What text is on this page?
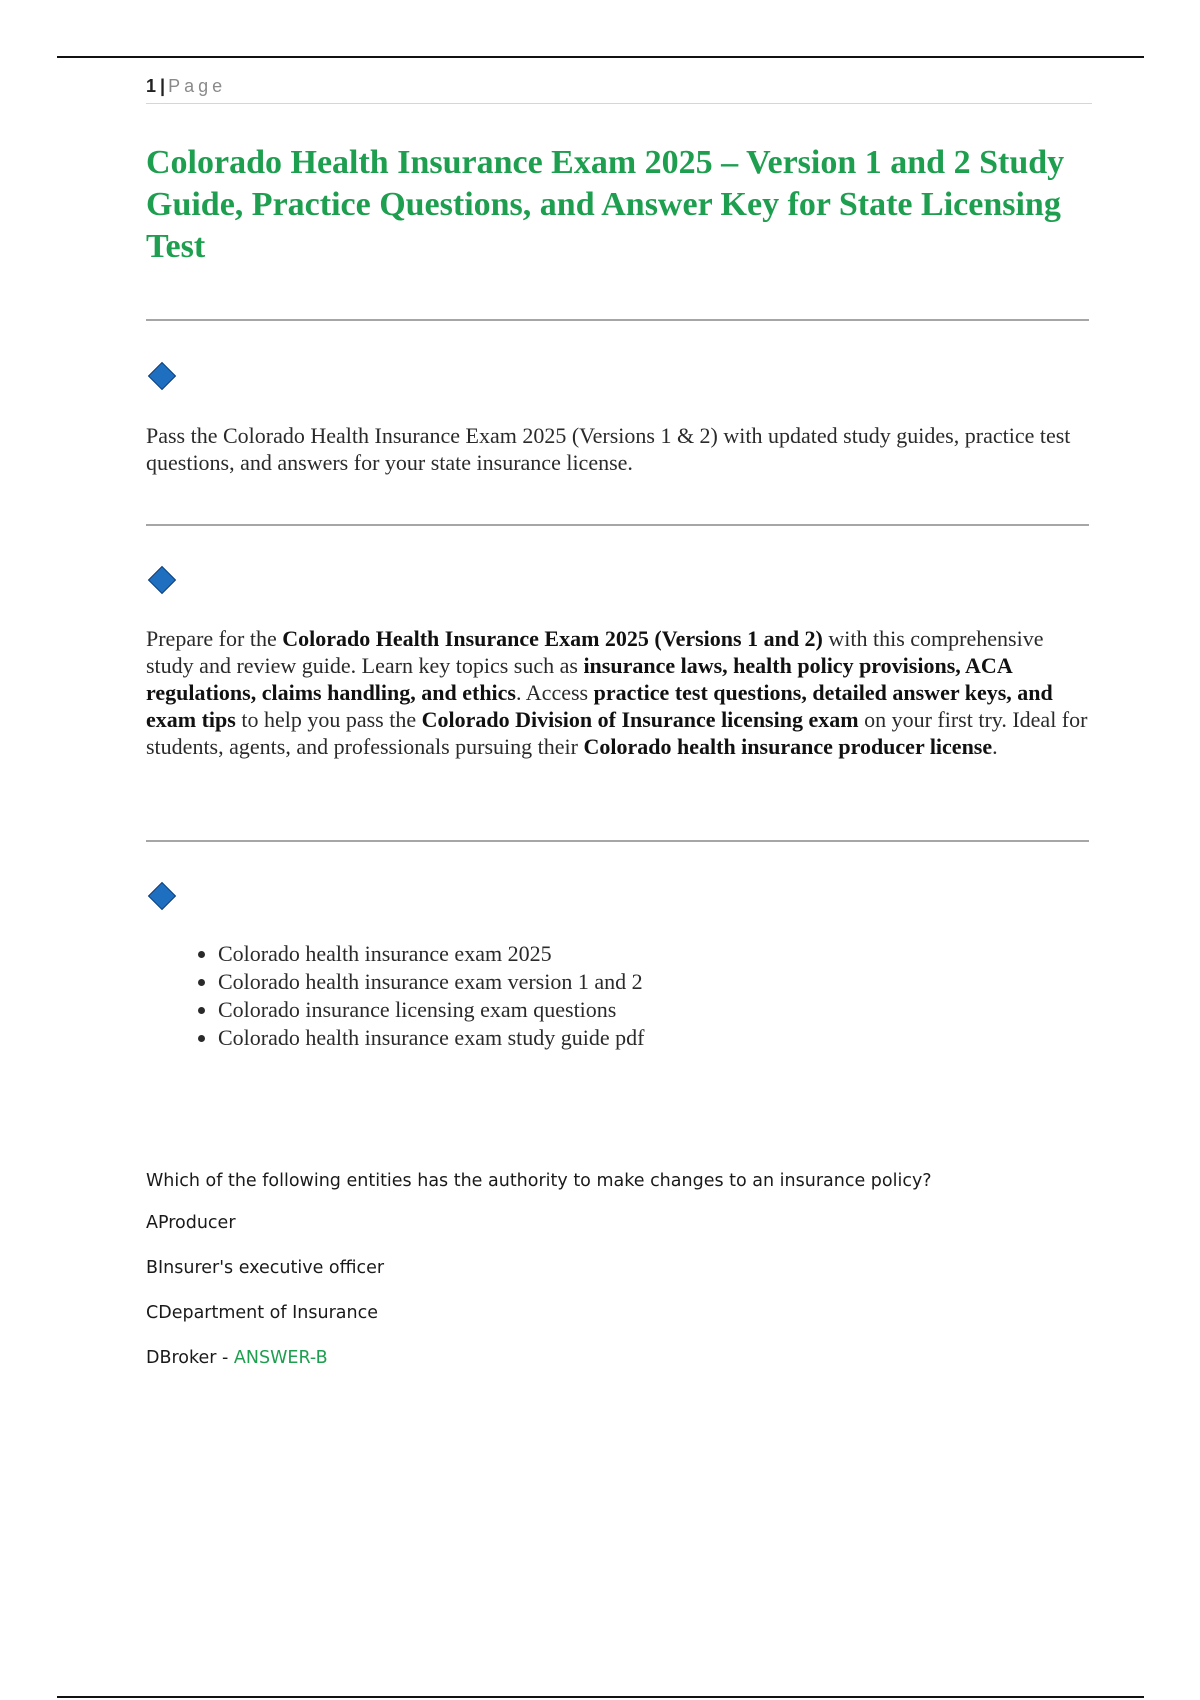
1 | Page
Colorado Health Insurance Exam 2025 – Version 1 and 2 Study Guide, Practice Questions, and Answer Key for State Licensing Test

Pass the Colorado Health Insurance Exam 2025 (Versions 1 & 2) with updated study guides, practice test questions, and answers for your state insurance license.

Prepare for the Colorado Health Insurance Exam 2025 (Versions 1 and 2) with this comprehensive study and review guide. Learn key topics such as insurance laws, health policy provisions, ACA regulations, claims handling, and ethics. Access practice test questions, detailed answer keys, and exam tips to help you pass the Colorado Division of Insurance licensing exam on your first try. Ideal for students, agents, and professionals pursuing their Colorado health insurance producer license.

• Colorado health insurance exam 2025
• Colorado health insurance exam version 1 and 2
• Colorado insurance licensing exam questions
• Colorado health insurance exam study guide pdf

Which of the following entities has the authority to make changes to an insurance policy?

AProducer

BInsurer's executive officer

CDepartment of Insurance

DBroker - ANSWER-B
